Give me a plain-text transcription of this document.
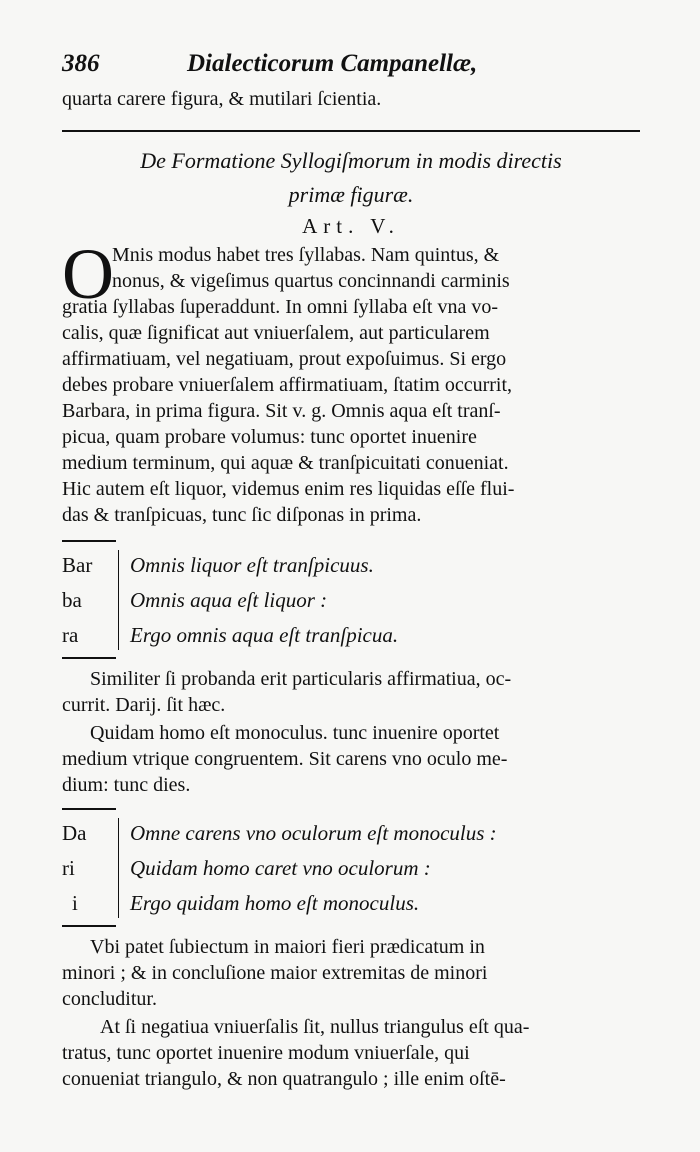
386	Dialecticorum Campanellæ,
quarta carere figura, & mutilari ſcientia.
De Formatione Syllogiſmorum in modis directis
primæ figuræ.
Art. V.
O
Mnis modus habet tres ſyllabas. Nam quintus, &
nonus, & vigeſimus quartus concinnandi carminis
gratia ſyllabas ſuperaddunt. In omni ſyllaba eſt vna vo-
calis, quæ ſignificat aut vniuerſalem, aut particularem
affirmatiuam, vel negatiuam, prout expoſuimus. Si ergo
debes probare vniuerſalem affirmatiuam, ſtatim occurrit,
Barbara, in prima figura. Sit v. g. Omnis aqua eſt tranſ-
picua, quam probare volumus: tunc oportet inuenire
medium terminum, qui aquæ & tranſpicuitati conueniat.
Hic autem eſt liquor, videmus enim res liquidas eſſe flui-
das & tranſpicuas, tunc ſic diſponas in prima.
Bar	Omnis liquor eſt tranſpicuus.
ba	Omnis aqua eſt liquor :
ra	Ergo omnis aqua eſt tranſpicua.
Similiter ſi probanda erit particularis affirmatiua, oc-
currit. Darij. ſit hæc.
Quidam homo eſt monoculus. tunc inuenire oportet
medium vtrique congruentem. Sit carens vno oculo me-
dium: tunc dies.
Da	Omne carens vno oculorum eſt monoculus :
ri	Quidam homo caret vno oculorum :
i	Ergo quidam homo eſt monoculus.
Vbi patet ſubiectum in maiori fieri prædicatum in
minori ; & in concluſione maior extremitas de minori
concluditur.
At ſi negatiua vniuerſalis ſit, nullus triangulus eſt qua-
tratus, tunc oportet inuenire modum vniuerſale, qui
conueniat triangulo, & non quatrangulo ; ille enim oſtē-
